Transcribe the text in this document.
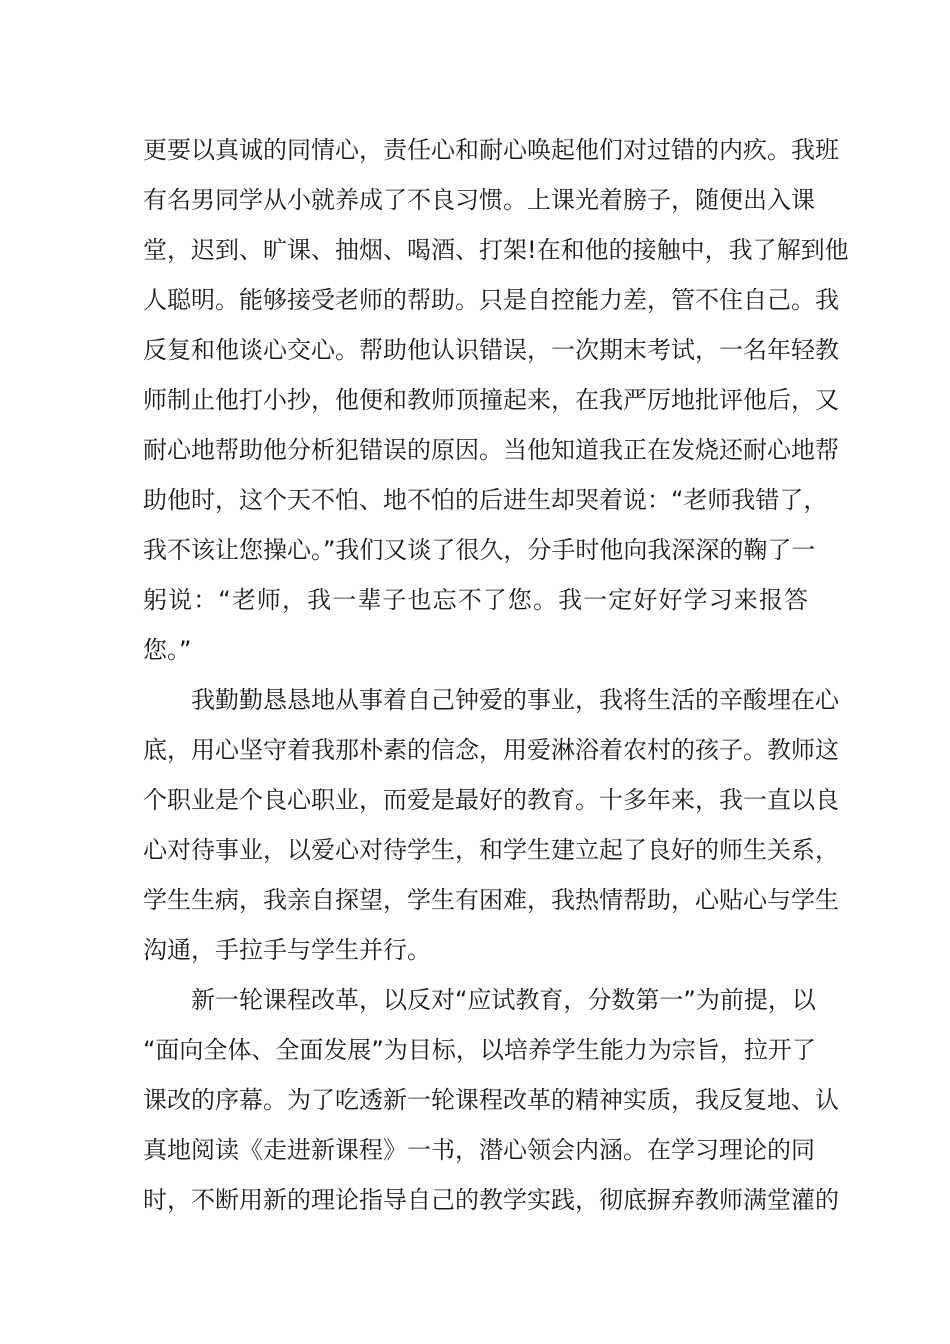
更要以真诚的同情心，责任心和耐心唤起他们对过错的内疚。我班
有名男同学从小就养成了不良习惯。上课光着膀子，随便出入课
堂，迟到、旷课、抽烟、喝酒、打架!在和他的接触中，我了解到他
人聪明。能够接受老师的帮助。只是自控能力差，管不住自己。我
反复和他谈心交心。帮助他认识错误，一次期末考试，一名年轻教
师制止他打小抄，他便和教师顶撞起来，在我严厉地批评他后，又
耐心地帮助他分析犯错误的原因。当他知道我正在发烧还耐心地帮
助他时，这个天不怕、地不怕的后进生却哭着说：“老师我错了，
我不该让您操心。”我们又谈了很久，分手时他向我深深的鞠了一
躬说：“老师，我一辈子也忘不了您。我一定好好学习来报答
您。”
我勤勤恳恳地从事着自己钟爱的事业，我将生活的辛酸埋在心
底，用心坚守着我那朴素的信念，用爱淋浴着农村的孩子。教师这
个职业是个良心职业，而爱是最好的教育。十多年来，我一直以良
心对待事业，以爱心对待学生，和学生建立起了良好的师生关系，
学生生病，我亲自探望，学生有困难，我热情帮助，心贴心与学生
沟通，手拉手与学生并行。
新一轮课程改革，以反对“应试教育，分数第一”为前提，以
“面向全体、全面发展”为目标，以培养学生能力为宗旨，拉开了
课改的序幕。为了吃透新一轮课程改革的精神实质，我反复地、认
真地阅读《走进新课程》一书，潜心领会内涵。在学习理论的同
时，不断用新的理论指导自己的教学实践，彻底摒弃教师满堂灌的
